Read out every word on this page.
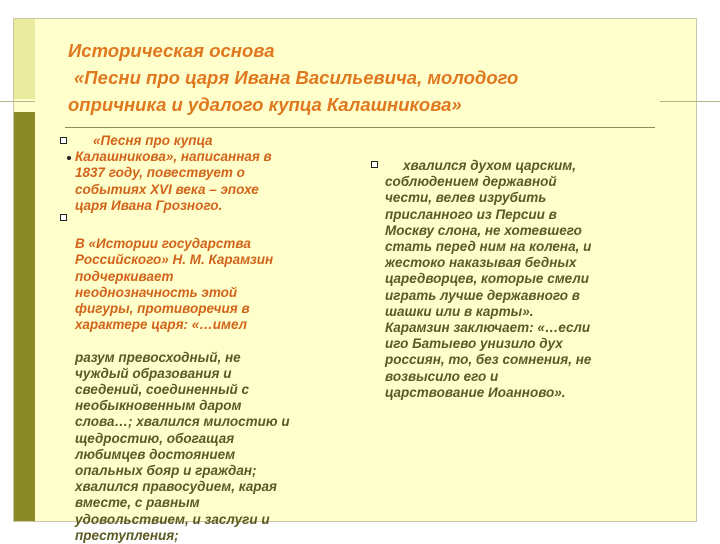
Историческая основа
«Песни про царя Ивана Васильевича, молодого
опричника и удалого купца Калашникова»

«Песня про купца
Калашникова», написанная в
1837 году, повествует о
событиях XVI века – эпохе
царя Ивана Грозного.

В «Истории государства
Российского» Н. М. Карамзин
подчеркивает
неоднозначность этой
фигуры, противоречия в
характере царя: «…имел

разум превосходный, не
чуждый образования и
сведений, соединенный с
необыкновенным даром
слова…; хвалился милостию и
щедростию, обогащая
любимцев достоянием
опальных бояр и граждан;
хвалился правосудием, карая
вместе, с равным
удовольствием, и заслуги и
преступления;

хвалился духом царским,
соблюдением державной
чести, велев изрубить
присланного из Персии в
Москву слона, не хотевшего
стать перед ним на колена, и
жестоко наказывая бедных
царедворцев, которые смели
играть лучше державного в
шашки или в карты».
Карамзин заключает: «…если
иго Батыево унизило дух
россиян, то, без сомнения, не
возвысило его и
царствование Иоанново».
